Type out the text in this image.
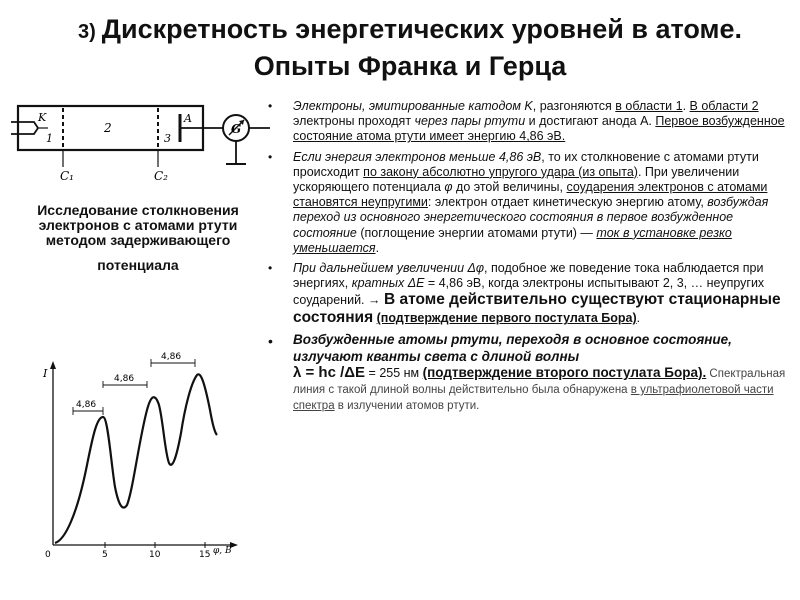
3) Дискретность энергетических уровней в атоме. Опыты Франка и Герца
K
1
2
3
A
G
C₁	C₂
Исследование столкновения электронов с атомами ртути
методом задерживающего
потенциала
I
0	5	10	15 φ, В
4,86
4,86
4,86
• Электроны, эмитированные катодом K, разгоняются в области 1. В области 2 электроны проходят через пары ртути и достигают анода A. Первое возбужденное состояние атома ртути имеет энергию 4,86 эВ.
• Если энергия электронов меньше 4,86 эВ, то их столкновение с атомами ртути происходит по закону абсолютно упругого удара (из опыта). При увеличении ускоряющего потенциала φ до этой величины, соударения электронов с атомами становятся неупругими: электрон отдает кинетическую энергию атому, возбуждая переход из основного энергетического состояния в первое возбужденное состояние (поглощение энергии атомами ртути) — ток в установке резко уменьшается.
• При дальнейшем увеличении Δφ, подобное же поведение тока наблюдается при энергиях, кратных ΔE = 4,86 эВ, когда электроны испытывают 2, 3, … неупругих соударений. → В атоме действительно существуют стационарные состояния (подтверждение первого постулата Бора).
• Возбужденные атомы ртути, переходя в основное состояние, излучают кванты света с длиной волны
λ = hc /ΔE = 255 нм (подтверждение второго постулата Бора). Спектральная линия с такой длиной волны действительно была обнаружена в ультрафиолетовой части спектра в излучении атомов ртути.
